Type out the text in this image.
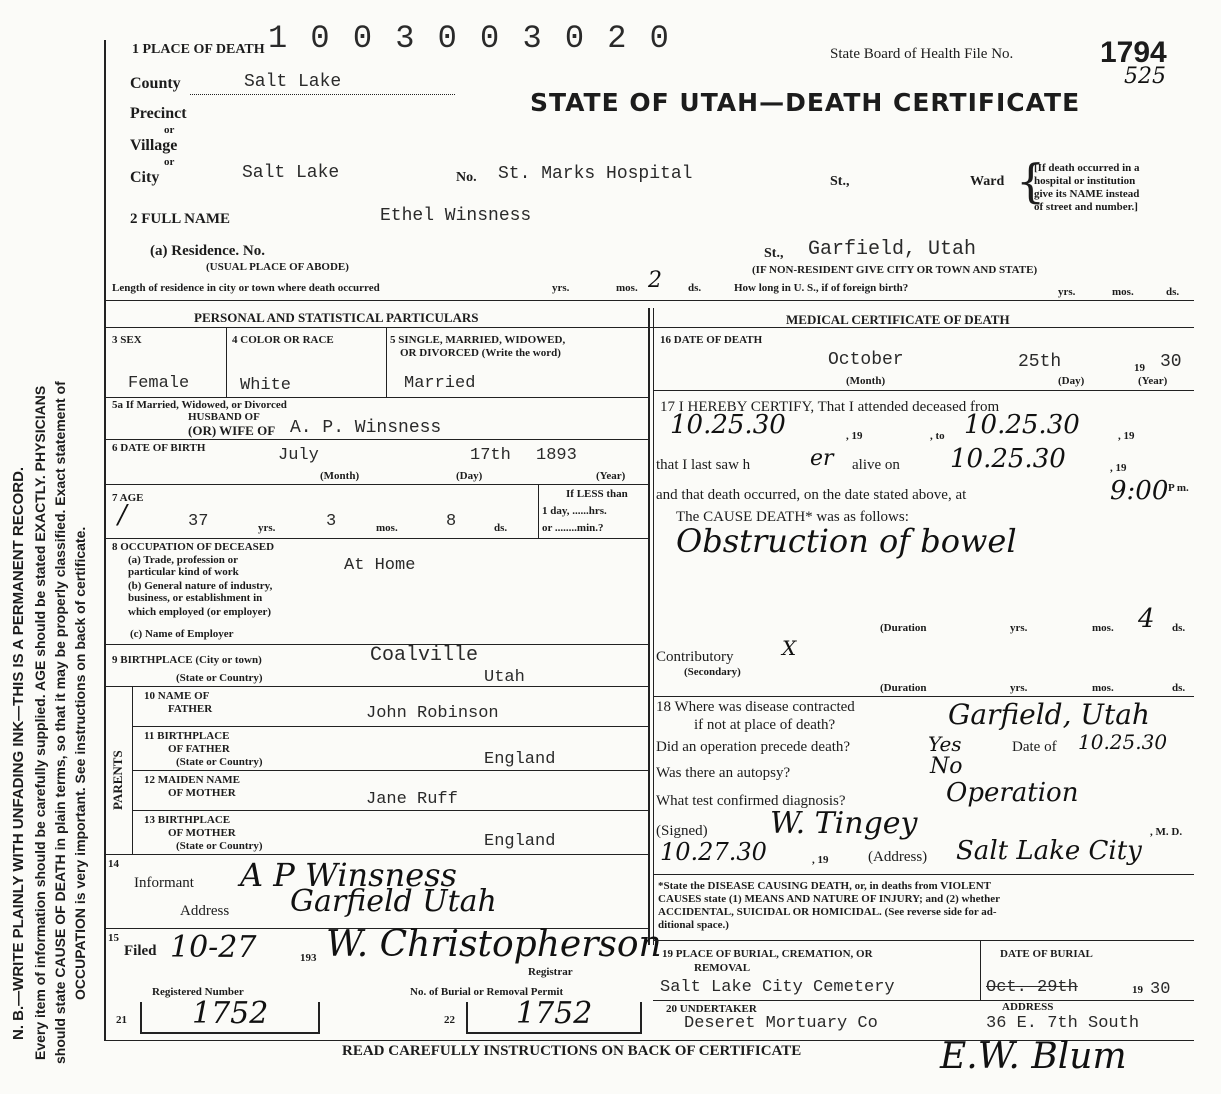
N. B.—WRITE PLAINLY WITH UNFADING INK—THIS IS A PERMANENT RECORD. Every item of information should be carefully supplied. AGE should be stated EXACTLY. PHYSICIANS should state CAUSE OF DEATH in plain terms, so that it may be properly classified. Exact statement of OCCUPATION is very important. See instructions on back of certificate.
1 0 0 3 0 0 3 0 2 0	State Board of Health File No.	1794
525
STATE OF UTAH—DEATH CERTIFICATE
1 PLACE OF DEATH
County	Salt Lake
Precinct
or
Village
or
City	Salt Lake	No. St. Marks Hospital	St.,	Ward {
[If death occurred in a
hospital or institution
give its NAME instead
of street and number.]
2 FULL NAME	Ethel Winsness
(a) Residence. No.
(USUAL PLACE OF ABODE)
St., Garfield, Utah
(IF NON-RESIDENT GIVE CITY OR TOWN AND STATE)
Length of residence in city or town where death occurred	yrs.	mos. 2 ds.	How long in U. S., if of foreign birth?	yrs.	mos.	ds.
PERSONAL AND STATISTICAL PARTICULARS
3 SEX
Female
4 COLOR OR RACE
White
5 SINGLE, MARRIED, WIDOWED,
OR DIVORCED (Write the word)
Married
5a If Married, Widowed, or Divorced
HUSBAND OF
(OR) WIFE OF A. P. Winsness
6 DATE OF BIRTH	July	17th 1893
(Month)	(Day)	(Year)
7 AGE
/	37	yrs.	3	mos.	8	ds.
If LESS than
1 day, ......hrs.
or ........min.?
8 OCCUPATION OF DECEASED
(a) Trade, profession or
particular kind of work	At Home
(b) General nature of industry,
business, or establishment in
which employed (or employer)
(c) Name of Employer
9 BIRTHPLACE (City or town)	Coalville
(State or Country)	Utah
PARENTS
10 NAME OF
FATHER	John Robinson
11 BIRTHPLACE
OF FATHER
(State or Country)	England
12 MAIDEN NAME
OF MOTHER	Jane Ruff
13 BIRTHPLACE
OF MOTHER
(State or Country)	England
14
Informant A P Winsness
Address Garfield Utah
15
Filed 10-27	193 W. Christopherson
Registrar
Registered Number
21 1752
No. of Burial or Removal Permit
22 1752
MEDICAL CERTIFICATE OF DEATH
16 DATE OF DEATH
October	25th	19 30
(Month)	(Day)	(Year)
17 I HEREBY CERTIFY, That I attended deceased from
10.25.30	, 19	, to 10.25.30	, 19
that I last saw h	er alive on 10.25.30	, 19
and that death occurred, on the date stated above, at	9:00 P m.
The CAUSE DEATH* was as follows:
Obstruction of bowel
(Duration	yrs.	mos. 4 ds.
Contributory X
(Secondary)
(Duration	yrs.	mos.	ds.
18 Where was disease contracted
if not at place of death?	Garfield, Utah
Did an operation precede death?	Yes	Date of 10.25.30
Was there an autopsy?	No
What test confirmed diagnosis?	Operation
(Signed) W. Tingey	, M. D.
10.27.30	, 19	(Address) Salt Lake City
*State the DISEASE CAUSING DEATH, or, in deaths from VIOLENT
CAUSES state (1) MEANS AND NATURE OF INJURY; and (2) whether
ACCIDENTAL, SUICIDAL OR HOMICIDAL. (See reverse side for ad-
ditional space.)
19 PLACE OF BURIAL, CREMATION, OR
REMOVAL
Salt Lake City Cemetery
DATE OF BURIAL
Oct. 29th	19 30
20 UNDERTAKER
Deseret Mortuary Co
ADDRESS
36 E. 7th South
READ CAREFULLY INSTRUCTIONS ON BACK OF CERTIFICATE	E.W. Blum
